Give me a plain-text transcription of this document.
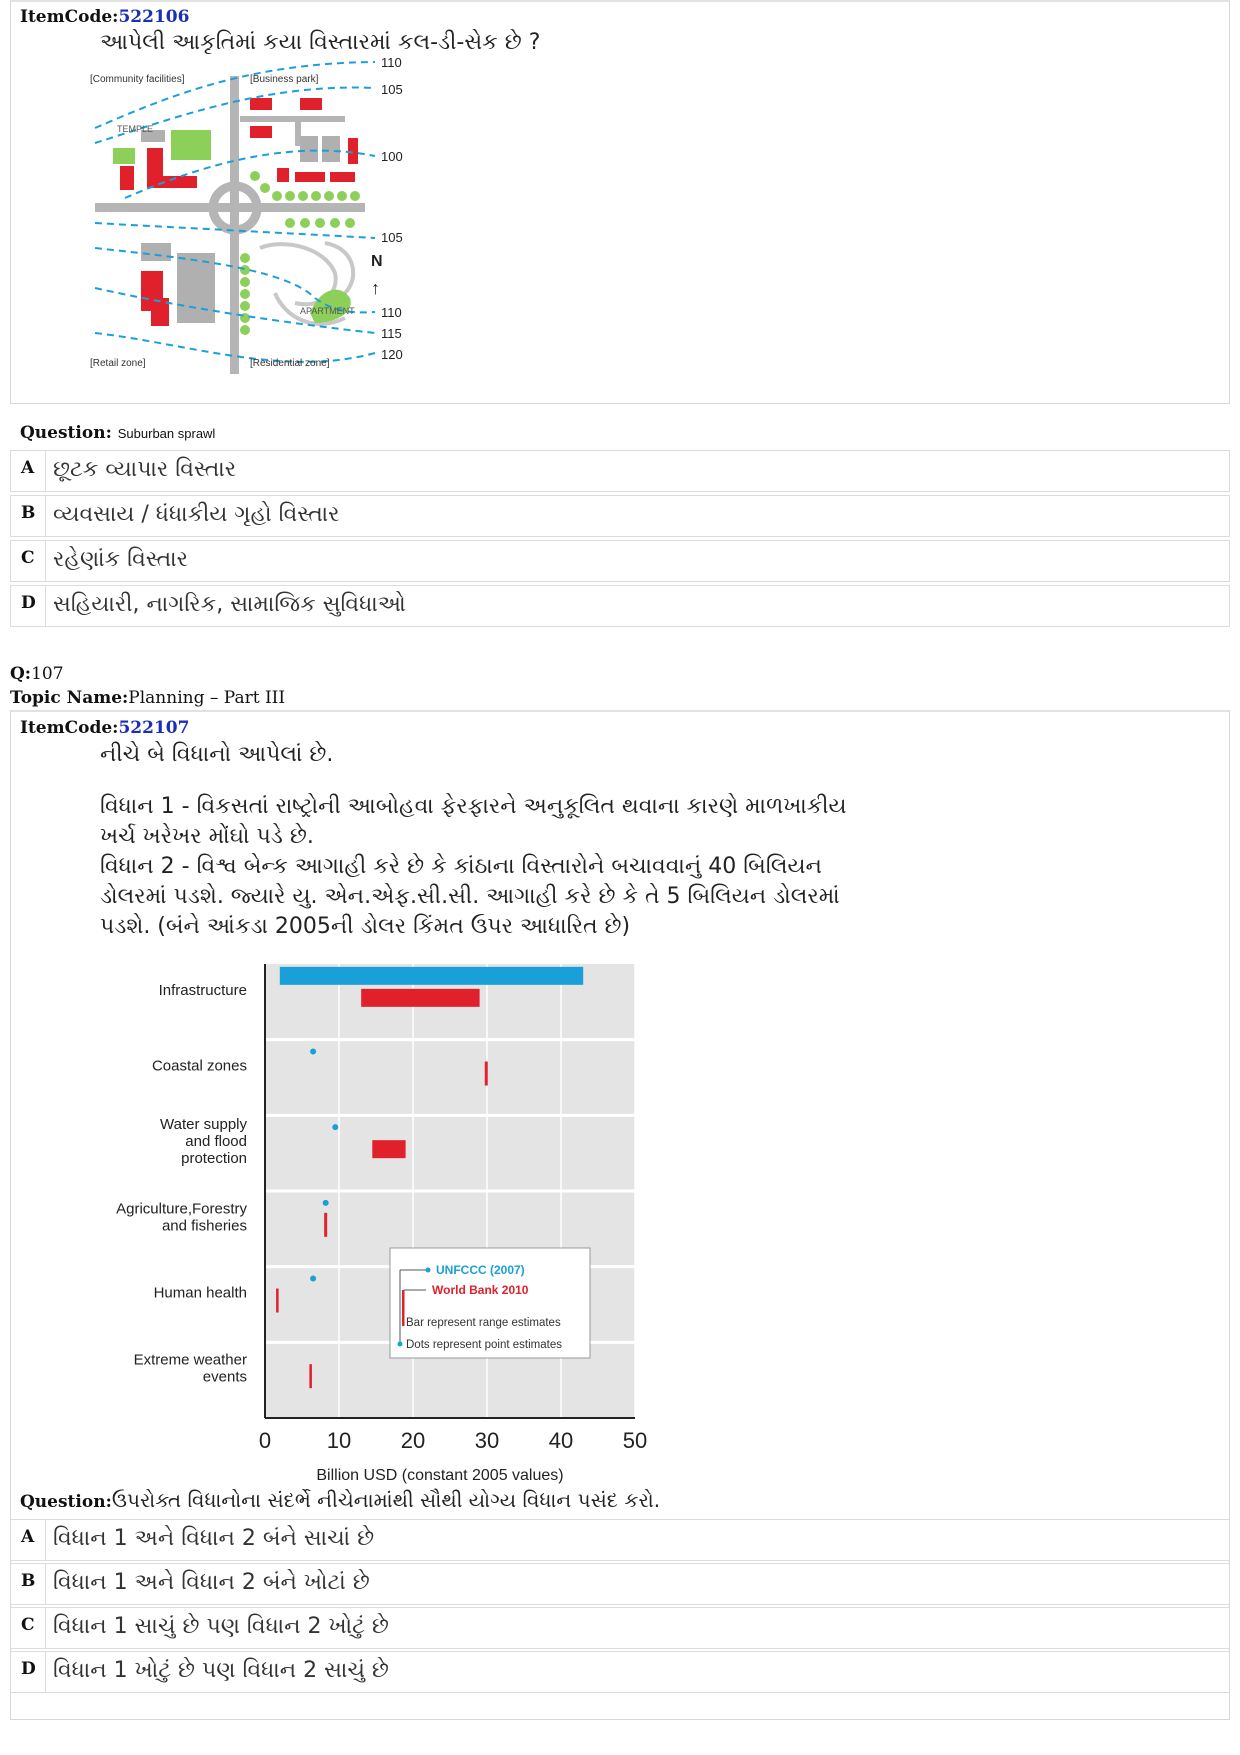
ItemCode:522106
આપેલી આકૃતિમાં કયા વિસ્તારમાં કલ-ડી-સેક છે ?
[Community facilities]	[Business park]
[Retail zone]	[Residential zone]
TEMPLE
APARTMENT
N
↑
110
105
100
105
110
115
120
Question: Suburban sprawl
A છૂટક વ્યાપાર વિસ્તાર
B વ્યવસાય / ધંધાકીય ગૃહો વિસ્તાર
C રહેણાંક વિસ્તાર
D સહિયારી, નાગરિક, સામાજિક સુવિધાઓ
Q:107
Topic Name:Planning – Part III
ItemCode:522107
નીચે બે વિધાનો આપેલાં છે.
વિધાન 1 - વિકસતાં રાષ્ટ્રોની આબોહવા ફેરફારને અનુકૂલિત થવાના કારણે માળખાકીય
ખર્ચ ખરેખર મોંઘો પડે છે.
વિધાન 2 - વિશ્વ બેન્ક આગાહી કરે છે કે કાંઠાના વિસ્તારોને બચાવવાનું 40 બિલિયન
ડોલરમાં પડશે. જ્યારે યુ. એન.એફ.સી.સી. આગાહી કરે છે કે તે 5 બિલિયન ડોલરમાં
પડશે. (બંને આંકડા 2005ની ડોલર કિંમત ઉપર આધારિત છે)
Infrastructure
Coastal zones
Water supply
and flood
protection
Agriculture,Forestry
and fisheries
Human health
Extreme weather
events
0	10 20 30 40 50
Billion USD (constant 2005 values)
UNFCCC (2007)
World Bank 2010
Bar represent range estimates
Dots represent point estimates
Question:ઉપરોક્ત વિધાનોના સંદર્ભે નીચેનામાંથી સૌથી યોગ્ય વિધાન પસંદ કરો.
A વિધાન 1 અને વિધાન 2 બંને સાચાં છે
B વિધાન 1 અને વિધાન 2 બંને ખોટાં છે
C વિધાન 1 સાચું છે પણ વિધાન 2 ખોટું છે
D વિધાન 1 ખોટું છે પણ વિધાન 2 સાચું છે
